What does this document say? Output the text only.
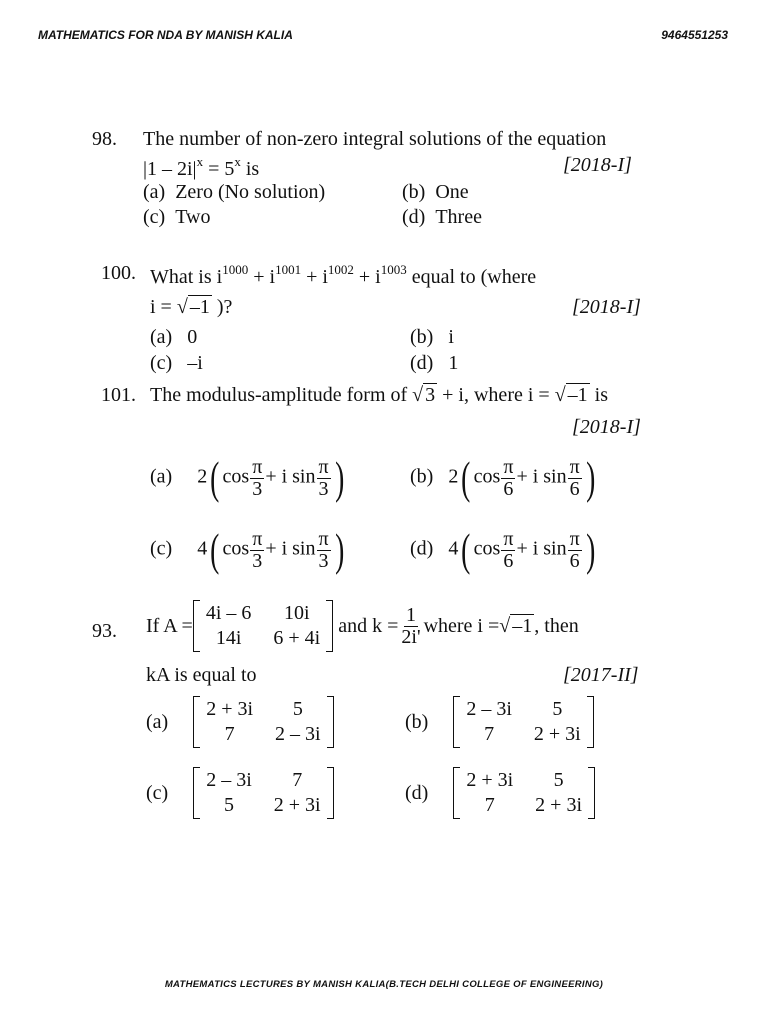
MATHEMATICS FOR NDA BY MANISH KALIA	9464551253
98. The number of non-zero integral solutions of the equation
$|1 - 2i|^x = 5^x$ is	[2018-I]
(a) Zero (No solution)	(b) One
(c) Two	(d) Three
100. What is $i^{1000} + i^{1001} + i^{1002} + i^{1003}$ equal to (where
i = √ –1 )?	[2018-I]
(a) 0	(b) i
(c) –i	(d) 1
101. The modulus-amplitude form of √ 3 + i, where i = √ –1 is
[2018-I]
(a) 2( $\cos \frac{\pi}{3} + i$ $\sin \frac{\pi}{3}$ )	(b) 2( $\cos \frac{\pi}{6} + i$ $\sin \frac{\pi}{6}$ )
(c) 4( $\cos \frac{\pi}{3} + i$ $\sin \frac{\pi}{3}$ )	(d) 4( $\cos \frac{\pi}{6} + i$ $\sin \frac{\pi}{6}$ )
93. If A =
4i – 6	10i
14i	6 + 4i

and $k = \frac{1}{2i'}$ where i = √ –1 , then
kA is equal to	[2017-II]
(a)

2 + 3i	5
7	2 – 3i
(b)

2 – 3i	5
7	2 + 3i
(c)

2 – 3i	7
5	2 + 3i
(d)

2 + 3i	5
7	2 + 3i
MATHEMATICS LECTURES BY MANISH KALIA(B.TECH DELHI COLLEGE OF ENGINEERING)
